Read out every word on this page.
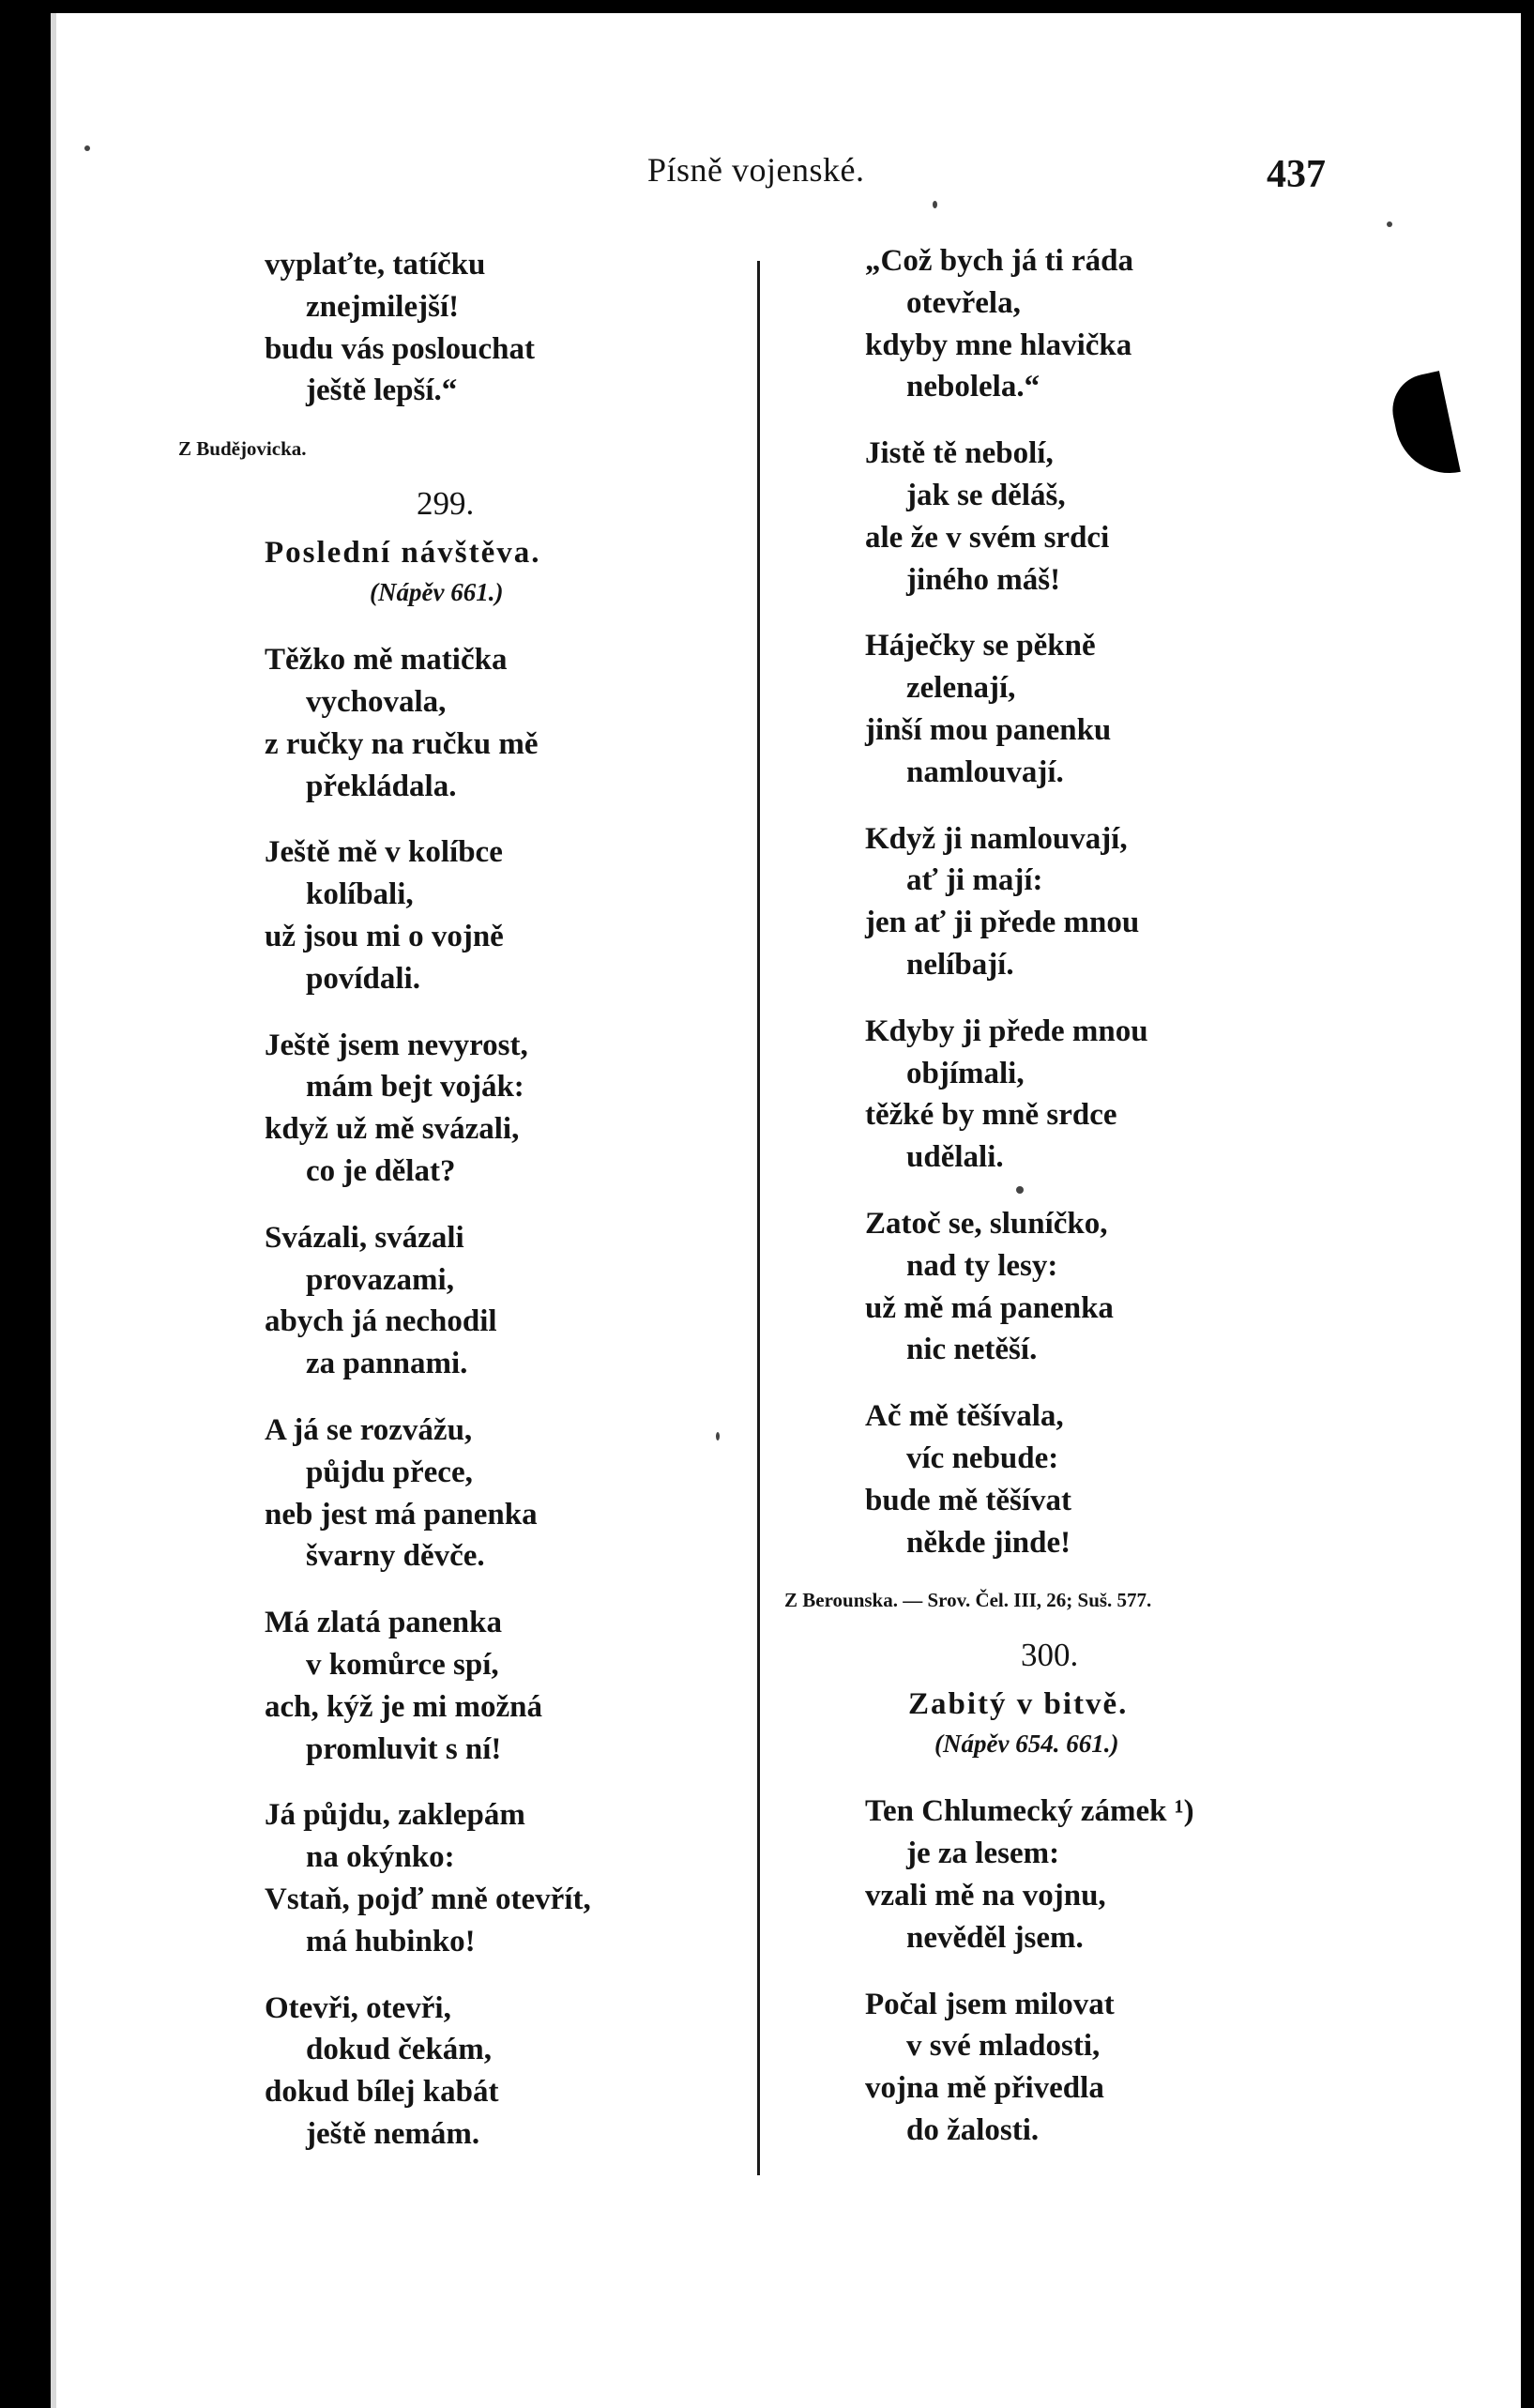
Písně vojenské.	437
vyplaťte, tatíčku
znejmilejší!
budu vás poslouchat
ještě lepší.“
Z Budějovicka.
299.
Poslední návštěva.
(Nápěv 661.)
Těžko mě matička
vychovala,
z ručky na ručku mě
překládala.
Ještě mě v kolíbce
kolíbali,
už jsou mi o vojně
povídali.
Ještě jsem nevyrost,
mám bejt voják:
když už mě svázali,
co je dělat?
Svázali, svázali
provazami,
abych já nechodil
za pannami.
A já se rozvážu,
půjdu přece,
neb jest má panenka
švarny děvče.
Má zlatá panenka
v komůrce spí,
ach, kýž je mi možná
promluvit s ní!
Já půjdu, zaklepám
na okýnko:
Vstaň, pojď mně otevřít,
má hubinko!
Otevři, otevři,
dokud čekám,
dokud bílej kabát
ještě nemám.
„Což bych já ti ráda
otevřela,
kdyby mne hlavička
nebolela.“
Jistě tě nebolí,
jak se děláš,
ale že v svém srdci
jiného máš!
Háječky se pěkně
zelenají,
jinší mou panenku
namlouvají.
Když ji namlouvají,
ať ji mají:
jen ať ji přede mnou
nelíbají.
Kdyby ji přede mnou
objímali,
těžké by mně srdce
udělali.
Zatoč se, sluníčko,
nad ty lesy:
už mě má panenka
nic netěší.
Ač mě těšívala,
víc nebude:
bude mě těšívat
někde jinde!
Z Berounska. — Srov. Čel. III, 26; Suš. 577.
300.
Zabitý v bitvě.
(Nápěv 654. 661.)
Ten Chlumecký zámek ¹)
je za lesem:
vzali mě na vojnu,
nevěděl jsem.
Počal jsem milovat
v své mladosti,
vojna mě přivedla
do žalosti.
